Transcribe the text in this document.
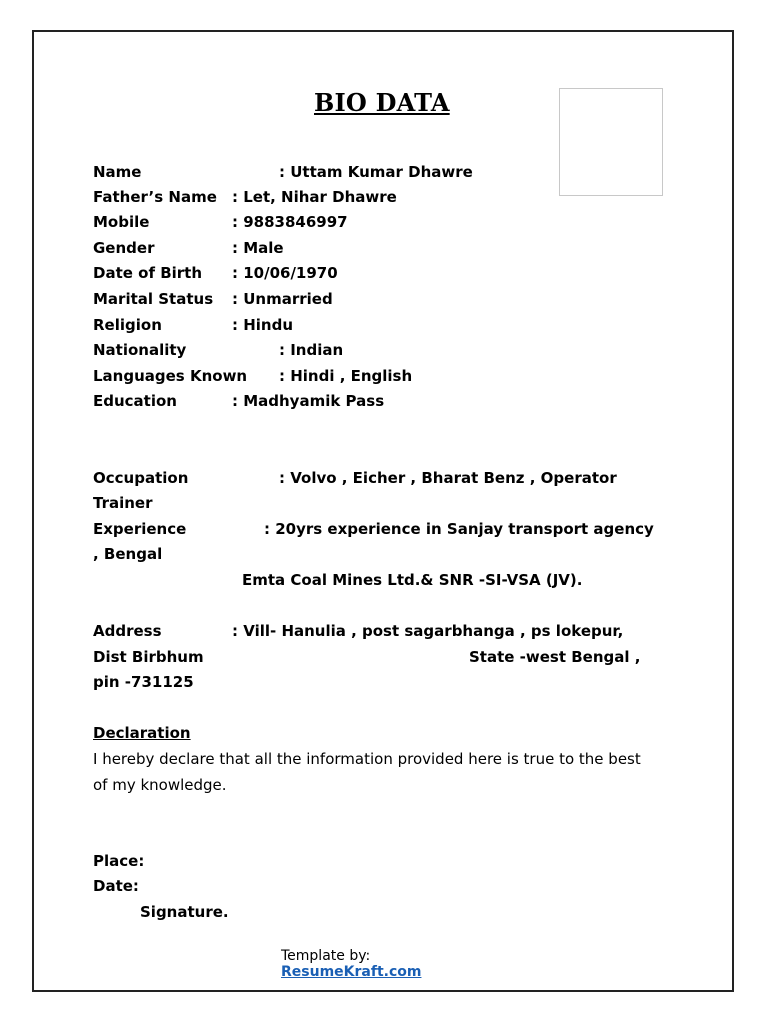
BIO DATA
Name	: Uttam Kumar Dhawre
Father’s Name : Let, Nihar Dhawre
Mobile	: 9883846997
Gender	: Male
Date of Birth : 10/06/1970
Marital Status : Unmarried
Religion	: Hindu
Nationality	: Indian
Languages Known : Hindi , English
Education	: Madhyamik Pass
Occupation	: Volvo , Eicher , Bharat Benz , Operator
Trainer
Experience	: 20yrs experience in Sanjay transport agency
, Bengal
Emta Coal Mines Ltd.& SNR -SI-VSA (JV).
Address	: Vill- Hanulia , post sagarbhanga , ps lokepur,
Dist Birbhum	State -west Bengal ,
pin -731125
Declaration
I hereby declare that all the information provided here is true to the best
of my knowledge.
Place:
Date:
Signature.
Template by:
ResumeKraft.com
